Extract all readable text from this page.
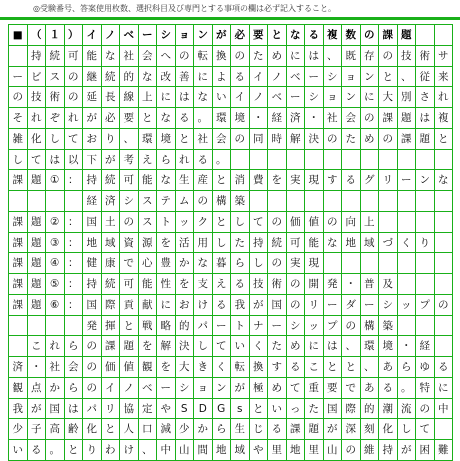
◎受験番号、答案使用枚数、選択科目及び専門とする事項の欄は必ず記入すること。
■ （ １ ） イ ノ ベ ー シ ョ ン が 必 要 と な る 複 数 の 課 題

持 続 可 能 な 社 会 へ の 転 換 の た め に は 、 既 存 の 技 術 サ
ー ビ ス の 継 続 的 な 改 善 に よ る イ ノ ベ ー シ ョ ン と 、 従 来
の 技 術 の 延 長 線 上 に は な い イ ノ ベ ー シ ョ ン に 大 別 さ れ
そ れ ぞ れ が 必 要 と な る 。 環 境 ・ 経 済 ・ 社 会 の 課 題 は 複
雑 化 し て お り 、 環 境 と 社 会 の 同 時 解 決 の た め の 課 題 と
し て は 以 下 が 考 え ら れ る 。
課 題 ① ： 持 続 可 能 な 生 産 と 消 費 を 実 現 す る グ リ ー ン な

経 済 シ ス テ ム の 構 築
課 題 ② ： 国 土 の ス ト ッ ク と し て の 価 値 の 向 上
課 題 ③ ： 地 域 資 源 を 活 用 し た 持 続 可 能 な 地 域 づ く り
課 題 ④ ： 健 康 で 心 豊 か な 暮 ら し の 実 現
課 題 ⑤ ： 持 続 可 能 性 を 支 え る 技 術 の 開 発 ・ 普 及
課 題 ⑥ ： 国 際 貢 献 に お け る 我 が 国 の リ ー ダ ー シ ッ プ の

発 揮 と 戦 略 的 パ ー ト ナ ー シ ッ プ の 構 築

こ れ ら の 課 題 を 解 決 し て い く た め に は 、 環 境 ・ 経
済 ・ 社 会 の 価 値 観 を 大 き く 転 換 す る こ と と 、 あ ら ゆ る
観 点 か ら の イ ノ ベ ー シ ョ ン が 極 め て 重 要 で あ る 。 特 に
我 が 国 は パ リ 協 定 や S	D G	s	と い っ た 国 際 的 潮 流 の 中
少 子 高 齢 化 と 人 口 減 少 か ら 生 じ る 課 題 が 深 刻 化 し て
い る 。 と り わ け 、 中 山 間 地 域 や 里 地 里 山 の 維 持 が 困 難
